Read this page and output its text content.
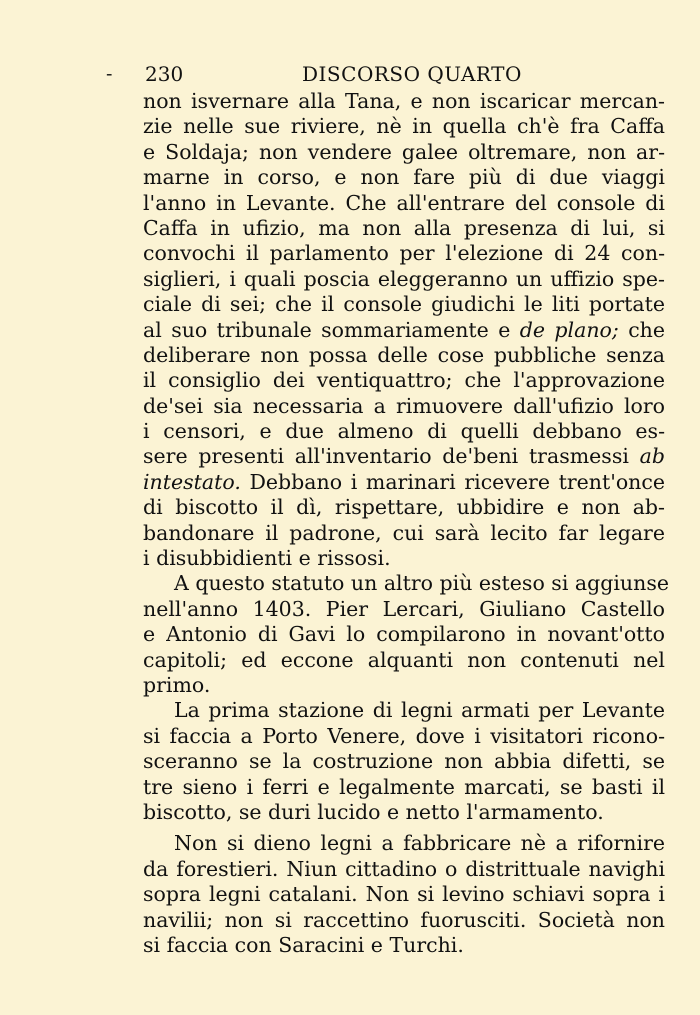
- 230	DISCORSO QUARTO
non isvernare alla Tana, e non iscaricar mercan-
zie nelle sue riviere, nè in quella ch'è fra Caffa
e Soldaja; non vendere galee oltremare, non ar-
marne in corso, e non fare più di due viaggi
l'anno in Levante. Che all'entrare del console di
Caffa in ufizio, ma non alla presenza di lui, si
convochi il parlamento per l'elezione di 24 con-
siglieri, i quali poscia eleggeranno un uffizio spe-
ciale di sei; che il console giudichi le liti portate
al suo tribunale sommariamente e de plano; che
deliberare non possa delle cose pubbliche senza
il consiglio dei ventiquattro; che l'approvazione
de'sei sia necessaria a rimuovere dall'ufizio loro
i censori, e due almeno di quelli debbano es-
sere presenti all'inventario de'beni trasmessi ab
intestato. Debbano i marinari ricevere trent'once
di biscotto il dì, rispettare, ubbidire e non ab-
bandonare il padrone, cui sarà lecito far legare
i disubbidienti e rissosi.
A questo statuto un altro più esteso si aggiunse
nell'anno 1403. Pier Lercari, Giuliano Castello
e Antonio di Gavi lo compilarono in novant'otto
capitoli; ed eccone alquanti non contenuti nel
primo.
La prima stazione di legni armati per Levante
si faccia a Porto Venere, dove i visitatori ricono-
sceranno se la costruzione non abbia difetti, se
tre sieno i ferri e legalmente marcati, se basti il
biscotto, se duri lucido e netto l'armamento.
Non si dieno legni a fabbricare nè a rifornire
da forestieri. Niun cittadino o distrittuale navighi
sopra legni catalani. Non si levino schiavi sopra i
navilii; non si raccettino fuorusciti. Società non
si faccia con Saracini e Turchi.
